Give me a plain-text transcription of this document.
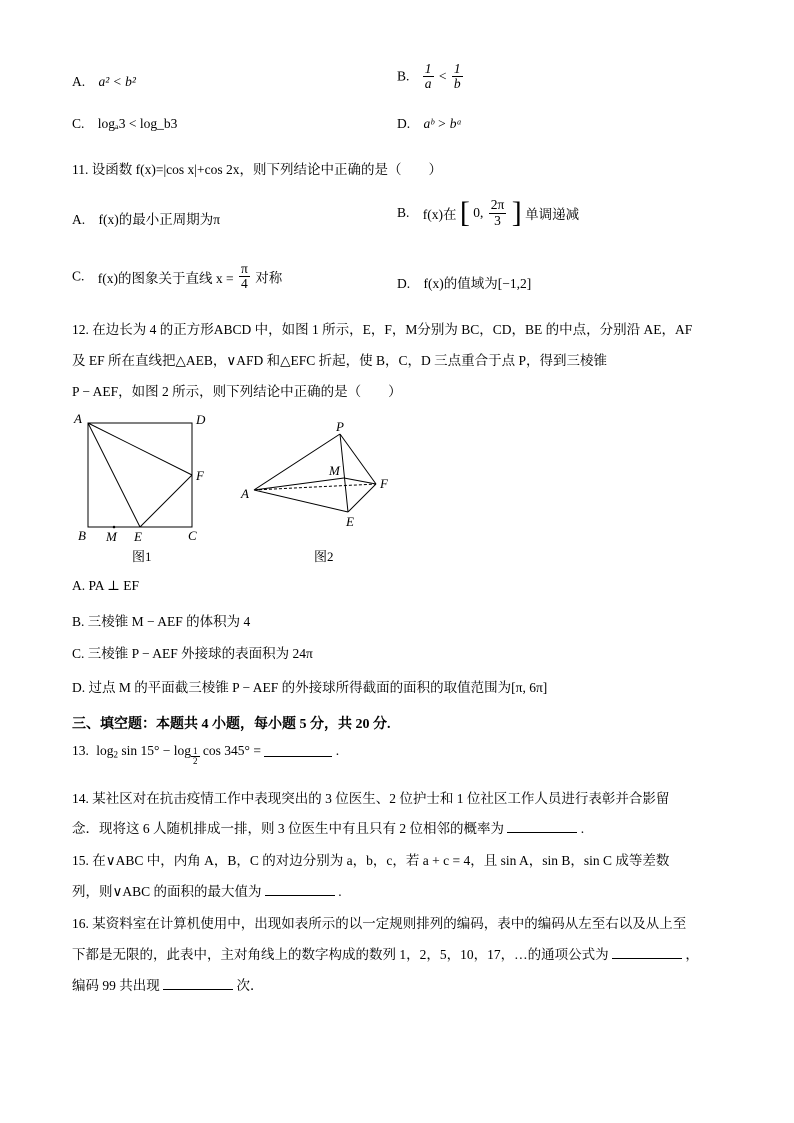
A. a² < b²	B. $\frac{1}{a} < \frac{1}{b}$
C. logₐ3 < log_b3	D. aᵇ > bᵃ
11. 设函数 f(x)=|cos x|+cos 2x，则下列结论中正确的是（　　）
A. f(x)的最小正周期为π	B. f(x)在 [ 0, $\frac{2\pi}{3}$ ] 单调递减
C. f(x)的图象关于直线 $x = \frac{\pi}{4}$ 对称	D. f(x)的值域为[−1,2]
12. 在边长为 4 的正方形ABCD 中，如图 1 所示，E，F，M分别为 BC，CD，BE 的中点，分别沿 AE，AF
及 EF 所在直线把△AEB，∨AFD 和△EFC 折起，使 B，C，D 三点重合于点 P，得到三棱锥
P − AEF，如图 2 所示，则下列结论中正确的是（　　）
A	D
F
B M E	C
图1
P
M
F
A
E
图2
A. PA ⊥ EF
B. 三棱锥 M − AEF 的体积为 4
C. 三棱锥 P − AEF 外接球的表面积为 24π
D. 过点 M 的平面截三棱锥 P − AEF 的外接球所得截面的面积的取值范围为[π, 6π]
三、填空题：本题共 4 小题，每小题 5 分，共 20 分.
13. $\log_2 \sin 15^\circ - \log \frac{1}{2}$ cos 345° =	.
14. 某社区对在抗击疫情工作中表现突出的 3 位医生、2 位护士和 1 位社区工作人员进行表彰并合影留
念．现将这 6 人随机排成一排，则 3 位医生中有且只有 2 位相邻的概率为	.
15. 在∨ABC 中，内角 A，B，C 的对边分别为 a，b，c，若 a + c = 4，且 sin A，sin B，sin C 成等差数
列，则∨ABC 的面积的最大值为	.
16. 某资料室在计算机使用中，出现如表所示的以一定规则排列的编码，表中的编码从左至右以及从上至
下都是无限的，此表中，主对角线上的数字构成的数列 1，2，5，10，17，…的通项公式为	，
编码 99 共出现	次．
